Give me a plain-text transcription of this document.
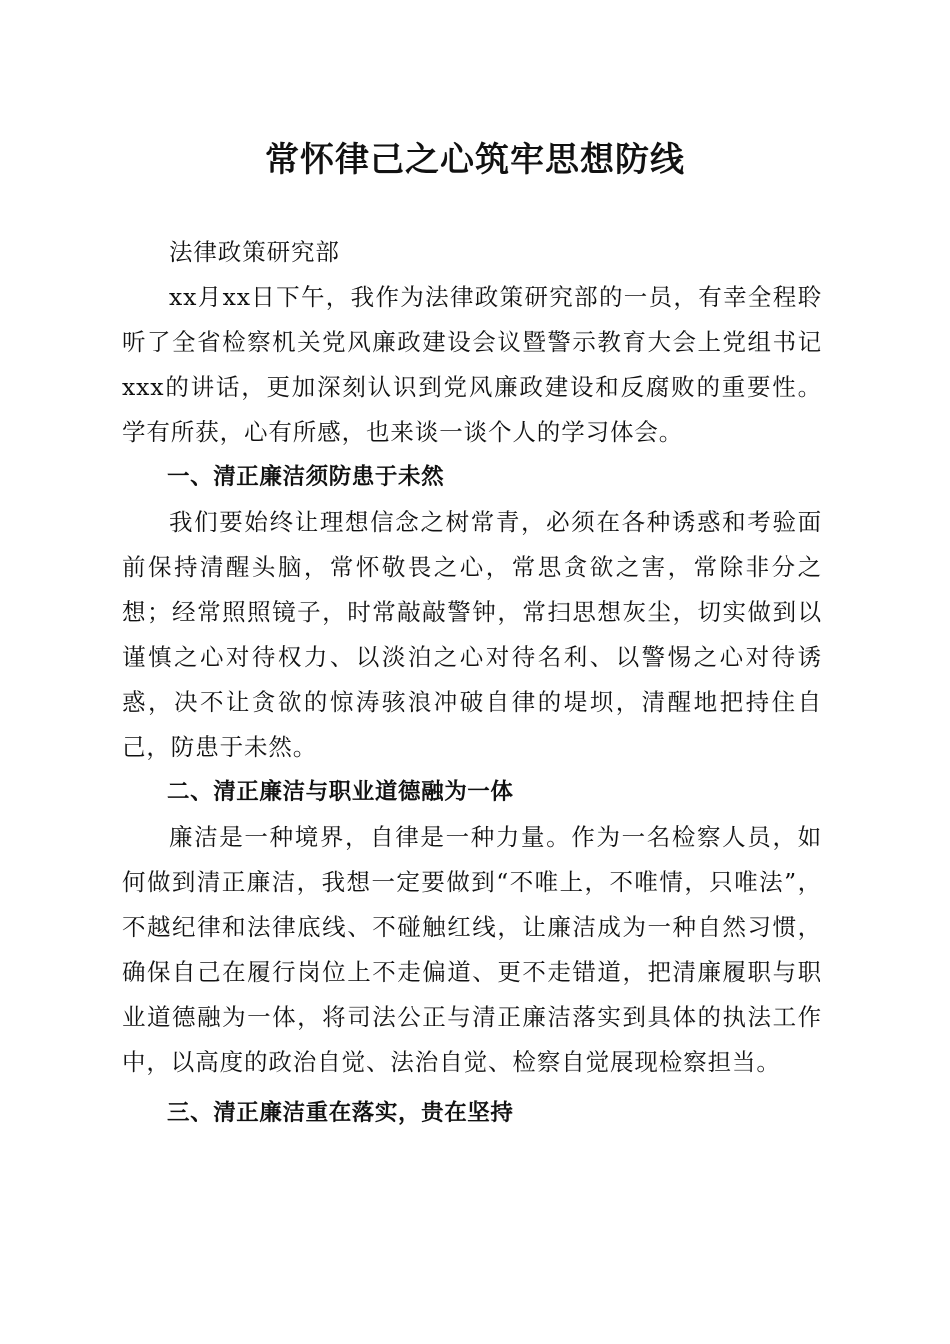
常怀律己之心筑牢思想防线

法律政策研究部

xx月xx日下午，我作为法律政策研究部的一员，有幸全程聆听了全省检察机关党风廉政建设会议暨警示教育大会上党组书记xxx的讲话，更加深刻认识到党风廉政建设和反腐败的重要性。学有所获，心有所感，也来谈一谈个人的学习体会。

一、清正廉洁须防患于未然

我们要始终让理想信念之树常青，必须在各种诱惑和考验面前保持清醒头脑，常怀敬畏之心，常思贪欲之害，常除非分之想；经常照照镜子，时常敲敲警钟，常扫思想灰尘，切实做到以谨慎之心对待权力、以淡泊之心对待名利、以警惕之心对待诱惑，决不让贪欲的惊涛骇浪冲破自律的堤坝，清醒地把持住自己，防患于未然。

二、清正廉洁与职业道德融为一体

廉洁是一种境界，自律是一种力量。作为一名检察人员，如何做到清正廉洁，我想一定要做到“不唯上，不唯情，只唯法”，不越纪律和法律底线、不碰触红线，让廉洁成为一种自然习惯，确保自己在履行岗位上不走偏道、更不走错道，把清廉履职与职业道德融为一体，将司法公正与清正廉洁落实到具体的执法工作中，以高度的政治自觉、法治自觉、检察自觉展现检察担当。

三、清正廉洁重在落实，贵在坚持
